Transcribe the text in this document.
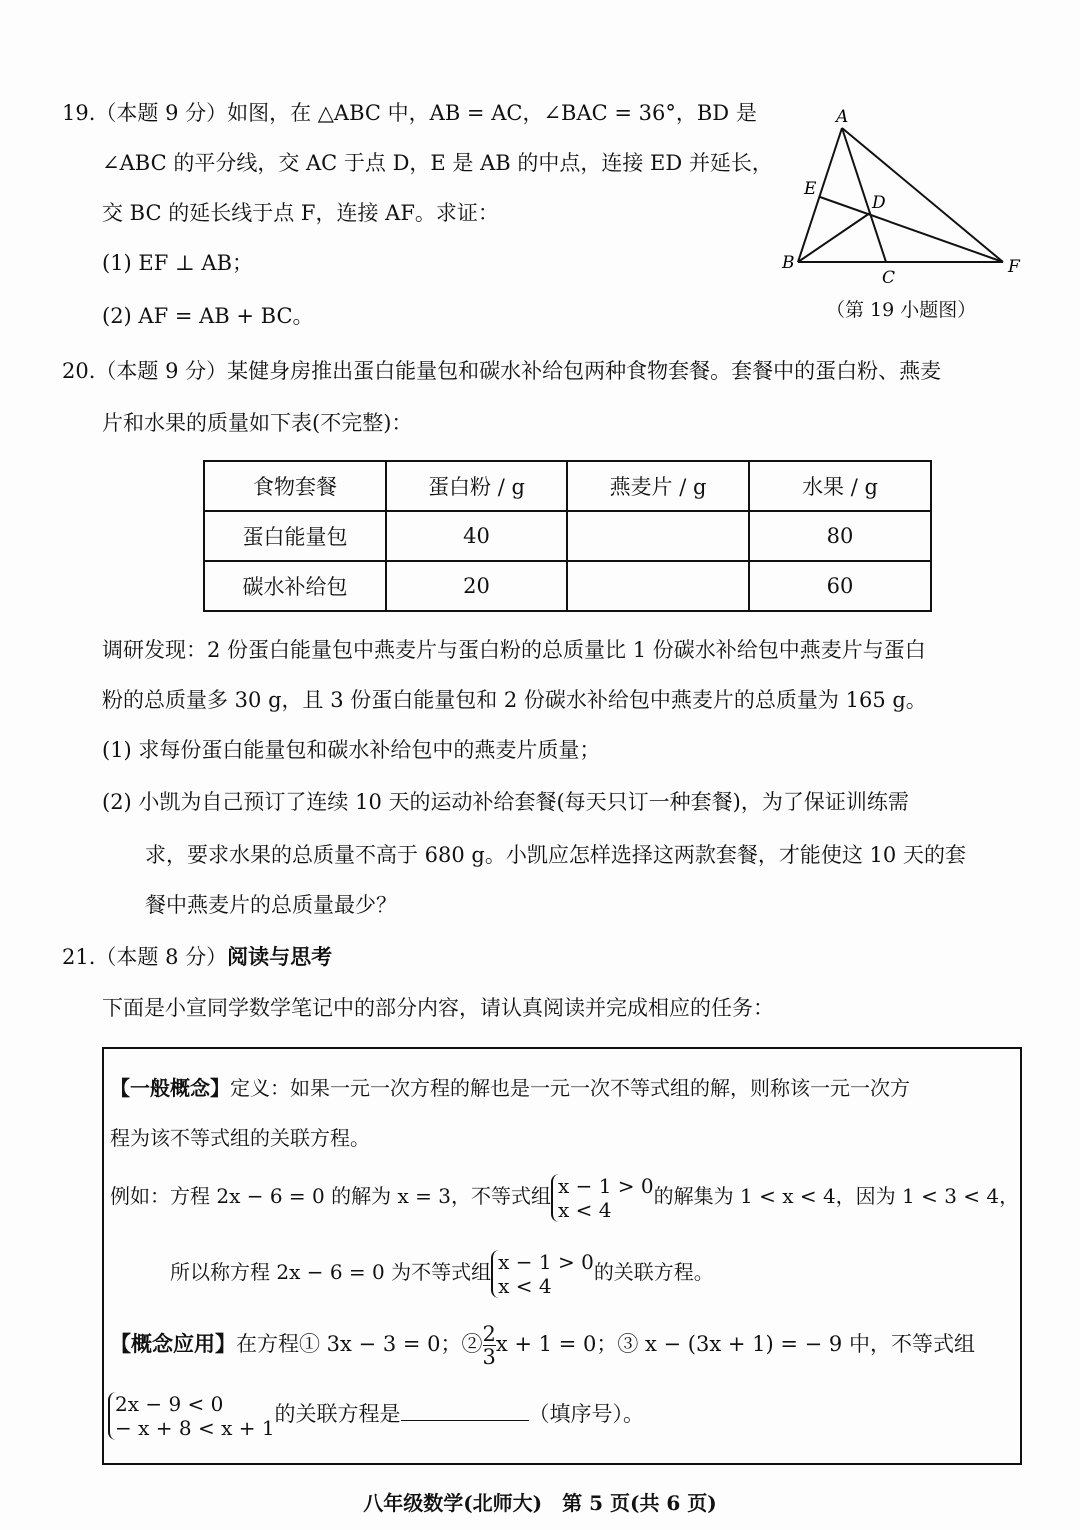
19.（本题 9 分）如图，在 △ABC 中，AB = AC，∠BAC = 36°，BD 是
∠ABC 的平分线，交 AC 于点 D，E 是 AB 的中点，连接 ED 并延长，
交 BC 的延长线于点 F，连接 AF。求证：
(1) EF ⊥ AB；
(2) AF = AB + BC。
A
B
C
D
E
F
（第 19 小题图）
20.（本题 9 分）某健身房推出蛋白能量包和碳水补给包两种食物套餐。套餐中的蛋白粉、燕麦
片和水果的质量如下表(不完整)：
食物套餐	蛋白粉 / g	燕麦片 / g	水果 / g
蛋白能量包	40		80
碳水补给包	20		60
调研发现：2 份蛋白能量包中燕麦片与蛋白粉的总质量比 1 份碳水补给包中燕麦片与蛋白
粉的总质量多 30 g，且 3 份蛋白能量包和 2 份碳水补给包中燕麦片的总质量为 165 g。
(1) 求每份蛋白能量包和碳水补给包中的燕麦片质量；
(2) 小凯为自己预订了连续 10 天的运动补给套餐(每天只订一种套餐)，为了保证训练需
求，要求水果的总质量不高于 680 g。小凯应怎样选择这两款套餐，才能使这 10 天的套
餐中燕麦片的总质量最少？
21.（本题 8 分）阅读与思考
下面是小宣同学数学笔记中的部分内容，请认真阅读并完成相应的任务：
【一般概念】定义：如果一元一次方程的解也是一元一次不等式组的解，则称该一元一次方
程为该不等式组的关联方程。
例如：方程 2x − 6 = 0 的解为 x = 3，不等式组 x − 1 > 0
x < 4
的解集为 1 < x < 4，因为 1 < 3 < 4，
所以称方程 2x − 6 = 0 为不等式组 x − 1 > 0
x < 4
的关联方程。
【概念应用】在方程① 3x − 3 = 0；② $\frac{2}{3}$ x + 1 = 0；③ x − (3x + 1) = − 9 中，不等式组
2x − 9 < 0
− x + 8 < x + 1
的关联方程是	（填序号）。
八年级数学(北师大)　第 5 页(共 6 页)
